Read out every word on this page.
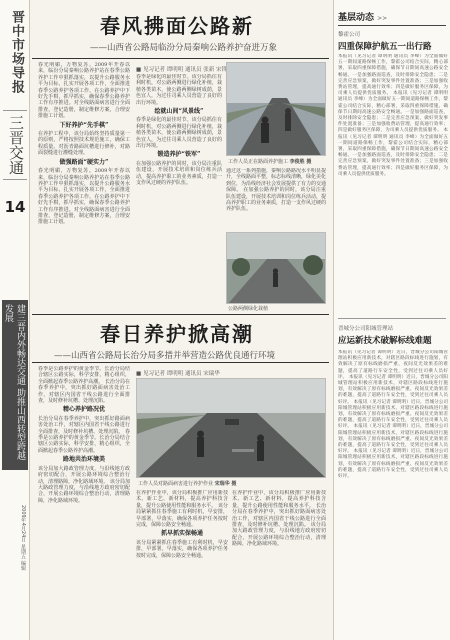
晋中市场导报
三晋交通
14
建三晋内外畅达交通 助推山西转型跨越发展
2009年4月24日 星期五 编辑
春风拂面公路新
——山西省公路局临汾分局秦响公路养护奋进万象
春光明媚，万物复苏。2009年开春以来，临汾分局秦响公路养护站在春季公路养护工作中狠抓落实，以提升公路服务水平为目标，扎实开展各项工作，全面推进春季公路养护各项工作。在公路养护中下好先手棋，抓早抓实，确保春季公路养护工作有序推进。对全线路面病害进行全面排查，登记造册，制定维修方案，合理安排施工计划。
下好养护“先手棋”
在养护工程中，该分局始终坚持质量第一的原则，严格按照技术规范施工，确保工程质量。对沥青路面坑槽进行修补，对路面裂缝进行灌缝处理。
做强路面“硬实力”
春光明媚，万物复苏。2009年开春以来，临汾分局秦响公路养护站在春季公路养护工作中狠抓落实，以提升公路服务水平为目标，扎实开展各项工作，全面推进春季公路养护各项工作。在公路养护中下好先手棋，抓早抓实，确保春季公路养护工作有序推进。对全线路面病害进行全面排查，登记造册，制定维修方案，合理安排施工计划。
■ 见习记者 谭明明 通讯员 张新 宋锋
春季是绿化的最佳时节。该分局抓住有利时机，对公路两侧进行绿化补植，栽植各类苗木，使公路两侧绿树成荫，景色宜人，为过往司乘人员营造了良好的出行环境。
绘就山间“风景线”
春季是绿化的最佳时节。该分局抓住有利时机，对公路两侧进行绿化补植，栽植各类苗木，使公路两侧绿树成荫，景色宜人，为过往司乘人员营造了良好的出行环境。
锻造养护“铁军”
在加强公路养护的同时，该分局注重队伍建设，开展技术培训和岗位练兵活动，提高养护职工的业务素质，打造一支作风过硬的养护队伍。
工作人员正在路面养护施工 李俊胜 摄
通过这一系列措施，秦响公路路况水平明显提升，全线路面平整，标志标线清晰，绿化美化到位，为沿线经济社会发展提供了有力的交通保障。 在加强公路养护的同时，该分局注重队伍建设，开展技术培训和岗位练兵活动，提高养护职工的业务素质，打造一支作风过硬的养护队伍。
公路两侧绿化栽植
春日养护掀高潮
——山西省公路局长治分局多措并举营造公路优良通行环境
春季是公路养护的黄金季节。长治分局结合辖区公路实际，科学安排，精心组织，全面掀起春季公路养护高潮。 长治分局在春季养护中，突出抓好路面病害处治工作，对辖区内国省干线公路进行全面排查，及时修补坑槽、处理沉陷。
精心养护路况优
长治分局在春季养护中，突出抓好路面病害处治工作，对辖区内国省干线公路进行全面排查，及时修补坑槽、处理沉陷。 春季是公路养护的黄金季节。长治分局结合辖区公路实际，科学安排，精心组织，全面掀起春季公路养护高潮。
路地共治环境美
该分局加大路政管理力度，与沿线地方政府密切配合，开展公路环境综合整治行动，清理路障，净化路域环境。 该分局加大路政管理力度，与沿线地方政府密切配合，开展公路环境综合整治行动，清理路障，净化路域环境。
■ 见习记者 谭明明 通讯员 宋瑞华
工作人员对路面病害进行养护作业 宋瑞华 摄
在养护作业中，该分局积极推广应用新技术、新工艺、新材料，提高养护科技含量，提升公路使用性能和服务水平。 该分局紧紧抓住春季施工有利时机，早安排，早部署，早落实，确保各项养护任务按时完成，保障公路安全畅通。
抓早抓实保畅通
该分局紧紧抓住春季施工有利时机，早安排，早部署，早落实，确保各项养护任务按时完成，保障公路安全畅通。
在养护作业中，该分局积极推广应用新技术、新工艺、新材料，提高养护科技含量，提升公路使用性能和服务水平。 长治分局在春季养护中，突出抓好路面病害处治工作，对辖区内国省干线公路进行全面排查，及时修补坑槽、处理沉陷。 该分局加大路政管理力度，与沿线地方政府密切配合，开展公路环境综合整治行动，清理路障，净化路域环境。
基层动态 >>
黎霍公司
四重保障护航五一出行路
本报讯（见习记者 谭明明 通讯员 李峰）为全面做好五一期间道路保畅工作，黎霍公司结合实际，精心部署，采取四重保障措施，确保节日期间高速公路安全畅通。一是加强路面巡查，及时排除安全隐患；二是完善应急预案，做好突发事件处置准备；三是加强收费站管理，提高通行效率；四是做好服务区保障，为司乘人员提供优质服务。 本报讯（见习记者 谭明明 通讯员 李峰）为全面做好五一期间道路保畅工作，黎霍公司结合实际，精心部署，采取四重保障措施，确保节日期间高速公路安全畅通。一是加强路面巡查，及时排除安全隐患；二是完善应急预案，做好突发事件处置准备；三是加强收费站管理，提高通行效率；四是做好服务区保障，为司乘人员提供优质服务。 本报讯（见习记者 谭明明 通讯员 李峰）为全面做好五一期间道路保畅工作，黎霍公司结合实际，精心部署，采取四重保障措施，确保节日期间高速公路安全畅通。一是加强路面巡查，及时排除安全隐患；二是完善应急预案，做好突发事件处置准备；三是加强收费站管理，提高通行效率；四是做好服务区保障，为司乘人员提供优质服务。
晋城分公司阳城管理站
应运新技术破解标线难题
本报讯（见习记者 谭明明）近日，晋城分公司阳城管理站积极应用新技术，对辖区路段标线进行施划，有效解决了原有标线磨损严重、夜间反光效果差的难题，提高了道路行车安全性，受到过往司乘人员好评。 本报讯（见习记者 谭明明）近日，晋城分公司阳城管理站积极应用新技术，对辖区路段标线进行施划，有效解决了原有标线磨损严重、夜间反光效果差的难题，提高了道路行车安全性，受到过往司乘人员好评。 本报讯（见习记者 谭明明）近日，晋城分公司阳城管理站积极应用新技术，对辖区路段标线进行施划，有效解决了原有标线磨损严重、夜间反光效果差的难题，提高了道路行车安全性，受到过往司乘人员好评。 本报讯（见习记者 谭明明）近日，晋城分公司阳城管理站积极应用新技术，对辖区路段标线进行施划，有效解决了原有标线磨损严重、夜间反光效果差的难题，提高了道路行车安全性，受到过往司乘人员好评。 本报讯（见习记者 谭明明）近日，晋城分公司阳城管理站积极应用新技术，对辖区路段标线进行施划，有效解决了原有标线磨损严重、夜间反光效果差的难题，提高了道路行车安全性，受到过往司乘人员好评。
